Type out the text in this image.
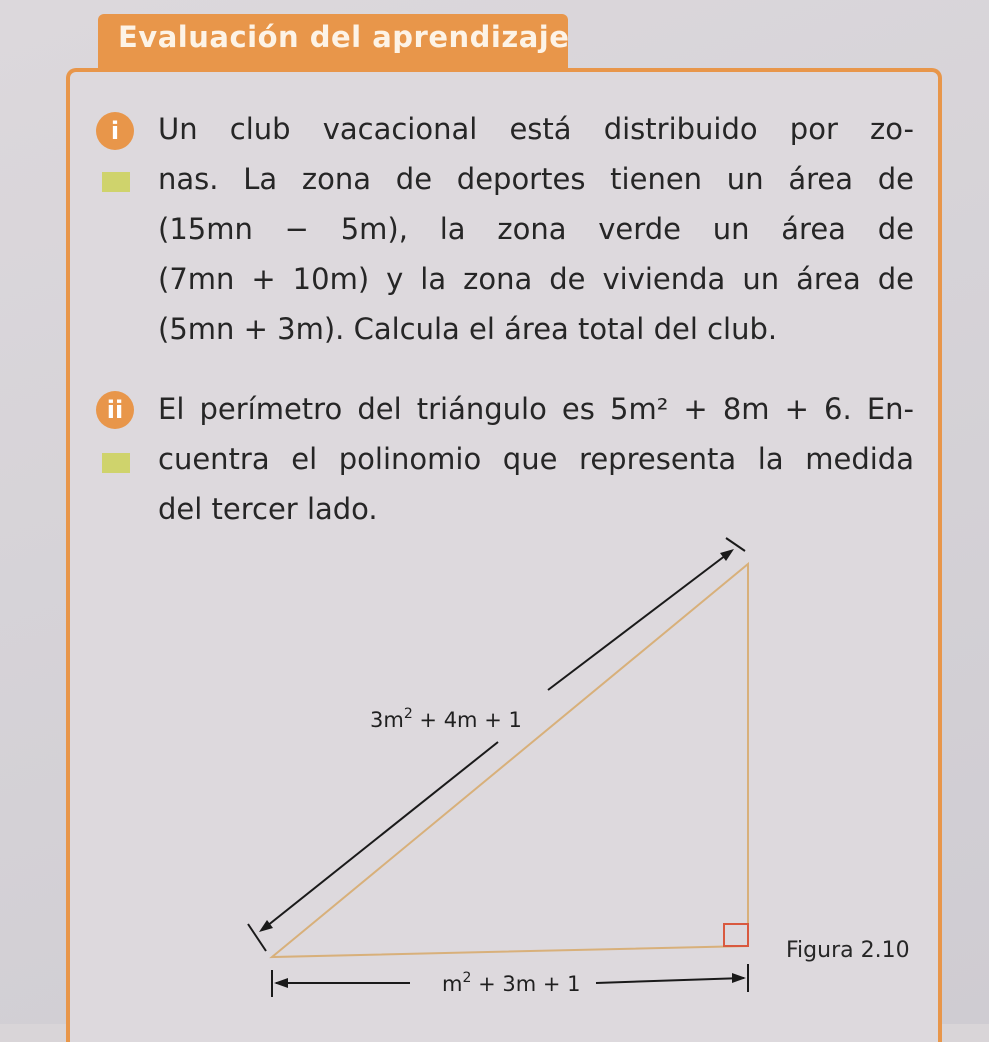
Evaluación del aprendizaje
i	Un club vacacional está distribuido por zo-
nas. La zona de deportes tienen un área de
(15mn − 5m), la zona verde un área de
(7mn + 10m) y la zona de vivienda un área de
(5mn + 3m). Calcula el área total del club.
ii	El perímetro del triángulo es 5m² + 8m + 6. En-
cuentra el polinomio que representa la medida
del tercer lado.
$3m^2 + 4m + 1$
$m^2 + 3m + 1$
Figura 2.10
